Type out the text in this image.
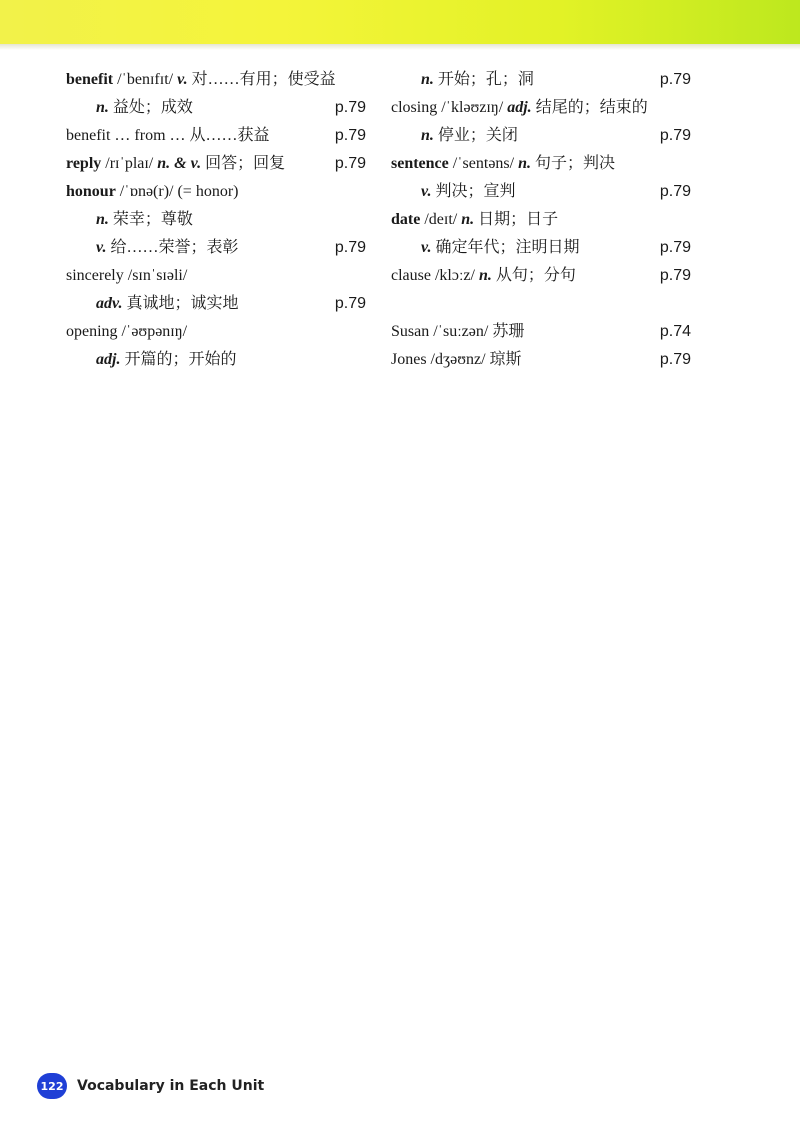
benefit /ˈbenɪfɪt/ v. 对……有用；使受益
n. 益处；成效	p.79
benefit … from … 从……获益	p.79
reply /rɪˈplaɪ/ n. & v. 回答；回复	p.79
honour /ˈɒnə(r)/ (= honor)
n. 荣幸；尊敬
v. 给……荣誉；表彰	p.79
sincerely /sɪnˈsɪəli/
adv. 真诚地；诚实地	p.79
opening /ˈəʊpənɪŋ/
adj. 开篇的；开始的
n. 开始；孔；洞	p.79
closing /ˈkləʊzɪŋ/ adj. 结尾的；结束的
n. 停业；关闭	p.79
sentence /ˈsentəns/ n. 句子；判决
v. 判决；宣判	p.79
date /deɪt/ n. 日期；日子
v. 确定年代；注明日期	p.79
clause /klɔːz/ n. 从句；分句	p.79
Susan /ˈsuːzən/ 苏珊	p.74
Jones /dʒəʊnz/ 琼斯	p.79
122 Vocabulary in Each Unit
